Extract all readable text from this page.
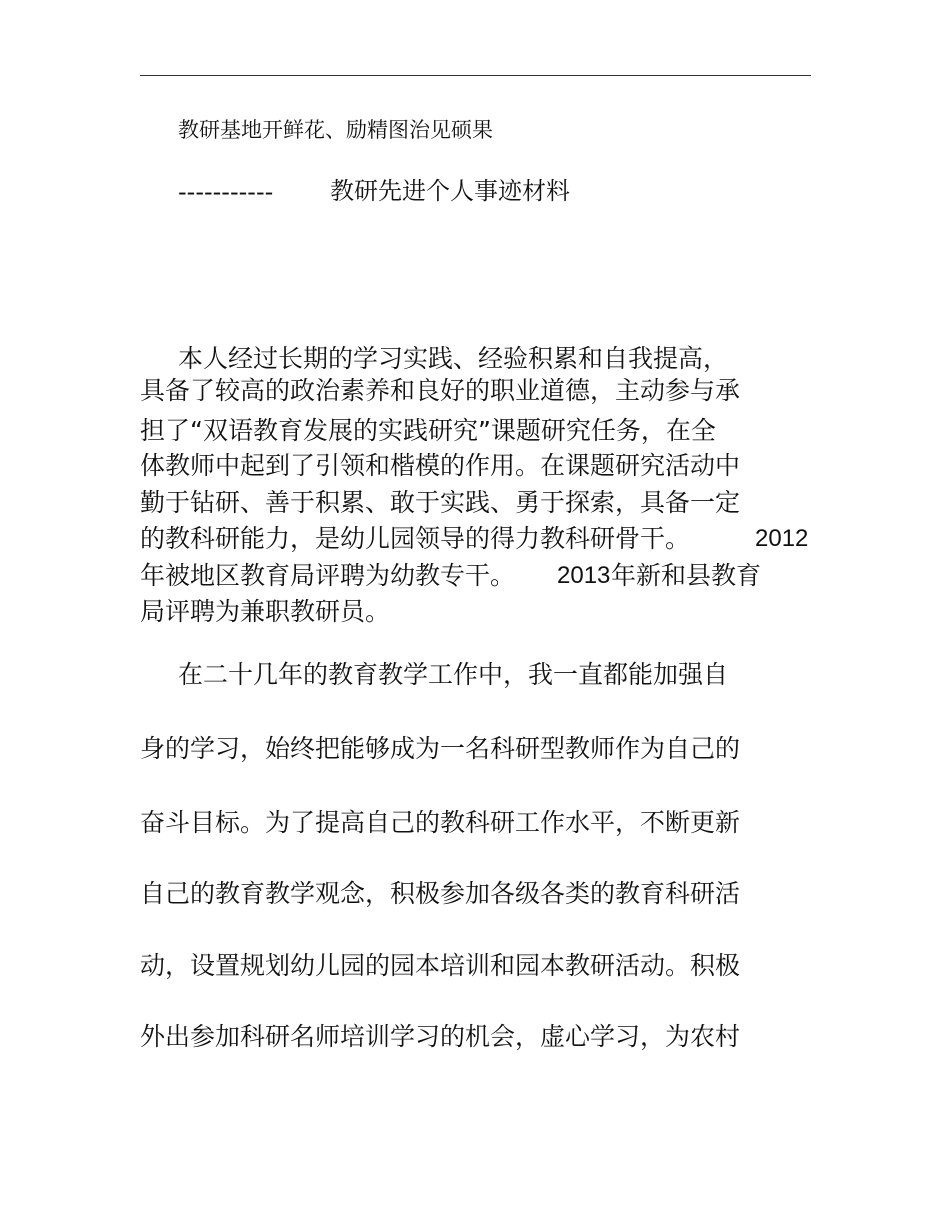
教研基地开鲜花、励精图治见硕果
----------- 教研先进个人事迹材料
本人经过长期的学习实践、经验积累和自我提高，
具备了较高的政治素养和良好的职业道德，主动参与承
担了“双语教育发展的实践研究”课题研究任务，在全
体教师中起到了引领和楷模的作用。在课题研究活动中
勤于钻研、善于积累、敢于实践、勇于探索，具备一定
的教科研能力，是幼儿园领导的得力教科研骨干。	2012
年被地区教育局评聘为幼教专干。 2013 年新和县教育
局评聘为兼职教研员。
在二十几年的教育教学工作中，我一直都能加强自
身的学习，始终把能够成为一名科研型教师作为自己的
奋斗目标。为了提高自己的教科研工作水平，不断更新
自己的教育教学观念，积极参加各级各类的教育科研活
动，设置规划幼儿园的园本培训和园本教研活动。积极
外出参加科研名师培训学习的机会，虚心学习，为农村
